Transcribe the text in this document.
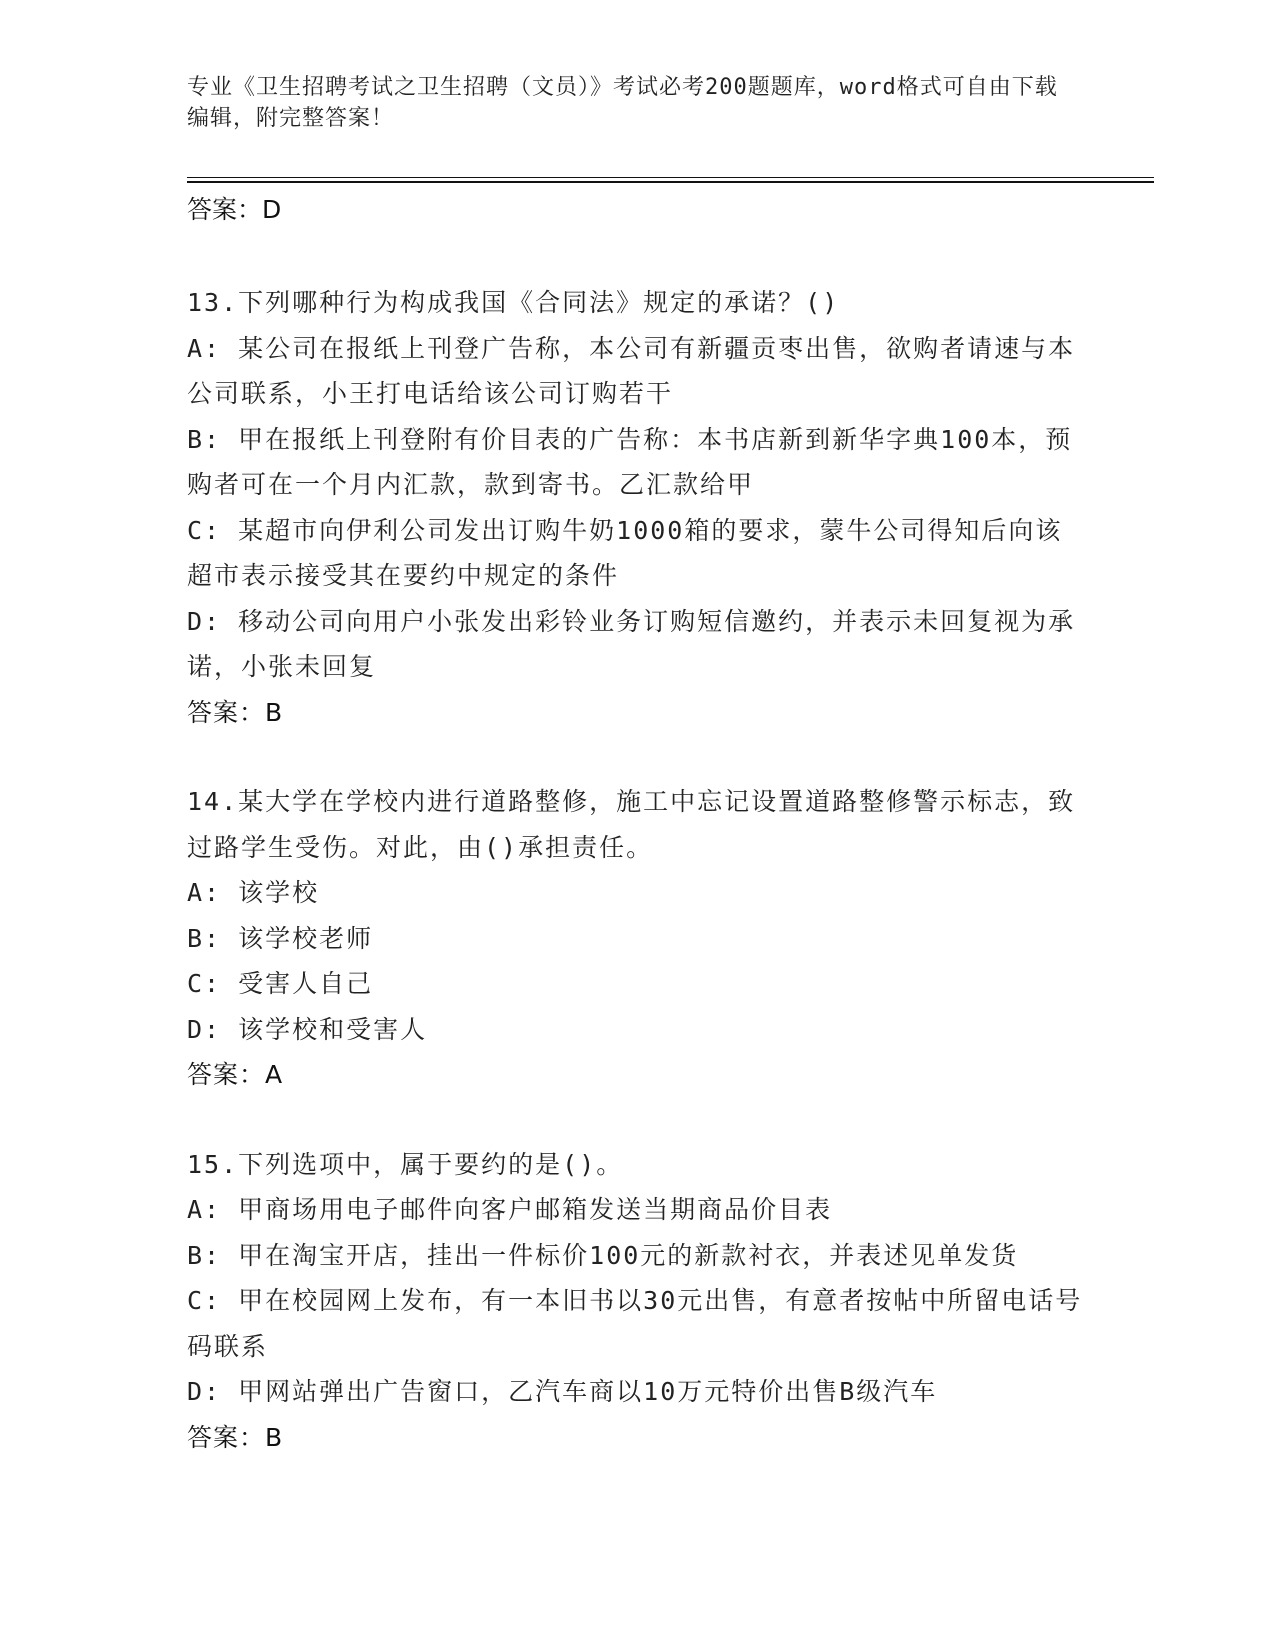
专业《卫生招聘考试之卫生招聘（文员）》考试必考200题题库，word格式可自由下载编辑，附完整答案！
答案：D
13.下列哪种行为构成我国《合同法》规定的承诺？()
A: 某公司在报纸上刊登广告称，本公司有新疆贡枣出售，欲购者请速与本公司联系，小王打电话给该公司订购若干
B: 甲在报纸上刊登附有价目表的广告称：本书店新到新华字典100本，预购者可在一个月内汇款，款到寄书。乙汇款给甲
C: 某超市向伊利公司发出订购牛奶1000箱的要求，蒙牛公司得知后向该超市表示接受其在要约中规定的条件
D: 移动公司向用户小张发出彩铃业务订购短信邀约，并表示未回复视为承诺，小张未回复
答案：B
14.某大学在学校内进行道路整修，施工中忘记设置道路整修警示标志，致过路学生受伤。对此，由()承担责任。
A: 该学校
B: 该学校老师
C: 受害人自己
D: 该学校和受害人
答案：A
15.下列选项中，属于要约的是()。
A: 甲商场用电子邮件向客户邮箱发送当期商品价目表
B: 甲在淘宝开店，挂出一件标价100元的新款衬衣，并表述见单发货
C: 甲在校园网上发布，有一本旧书以30元出售，有意者按帖中所留电话号码联系
D: 甲网站弹出广告窗口，乙汽车商以10万元特价出售B级汽车
答案：B
